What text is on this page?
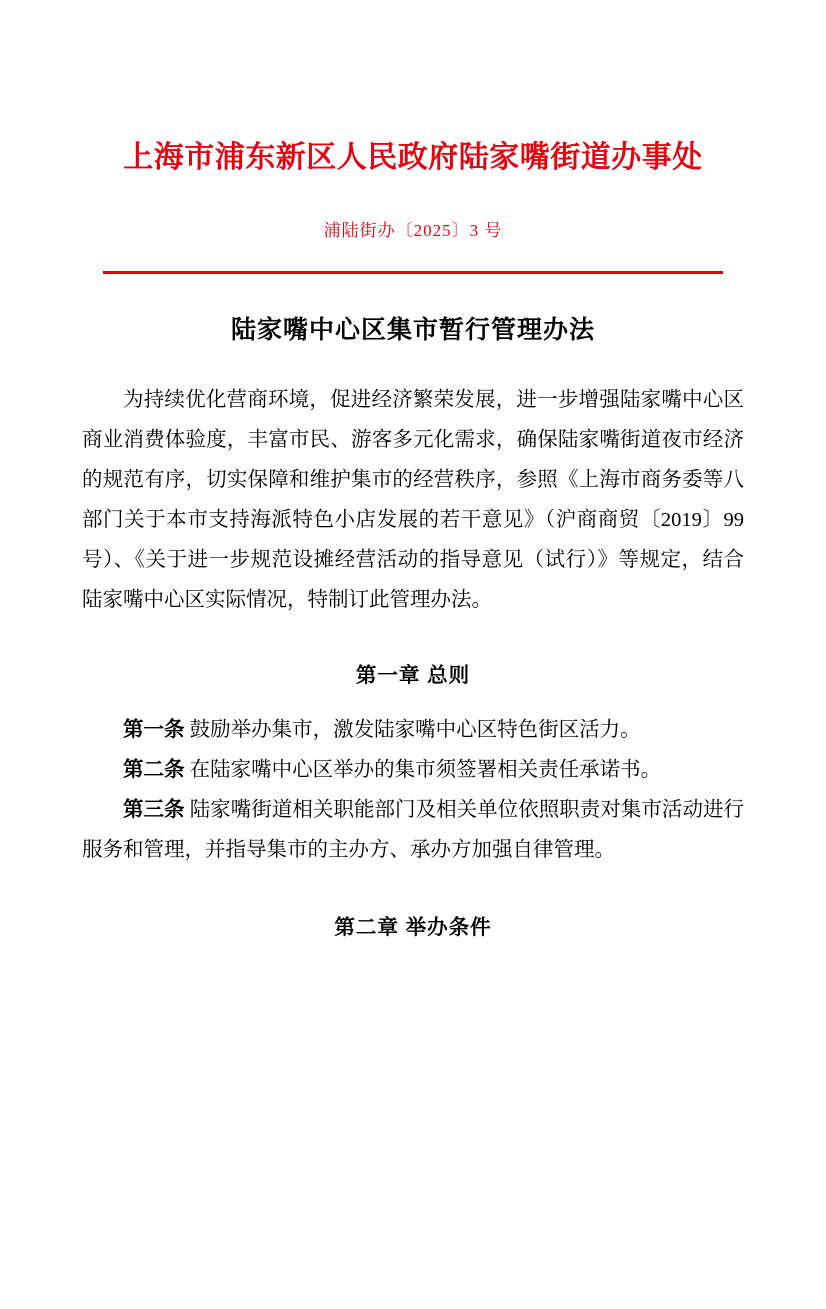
上海市浦东新区人民政府陆家嘴街道办事处
浦陆街办〔2025〕3 号
陆家嘴中心区集市暂行管理办法

为持续优化营商环境，促进经济繁荣发展，进一步增强陆家嘴中心区商业消费体验度，丰富市民、游客多元化需求，确保陆家嘴街道夜市经济的规范有序，切实保障和维护集市的经营秩序，参照《上海市商务委等八部门关于本市支持海派特色小店发展的若干意见》（沪商商贸〔2019〕99 号）、《关于进一步规范设摊经营活动的指导意见（试行）》等规定，结合陆家嘴中心区实际情况，特制订此管理办法。

第一章 总则

第一条 鼓励举办集市，激发陆家嘴中心区特色街区活力。

第二条 在陆家嘴中心区举办的集市须签署相关责任承诺书。

第三条 陆家嘴街道相关职能部门及相关单位依照职责对集市活动进行服务和管理，并指导集市的主办方、承办方加强自律管理。

第二章 举办条件
